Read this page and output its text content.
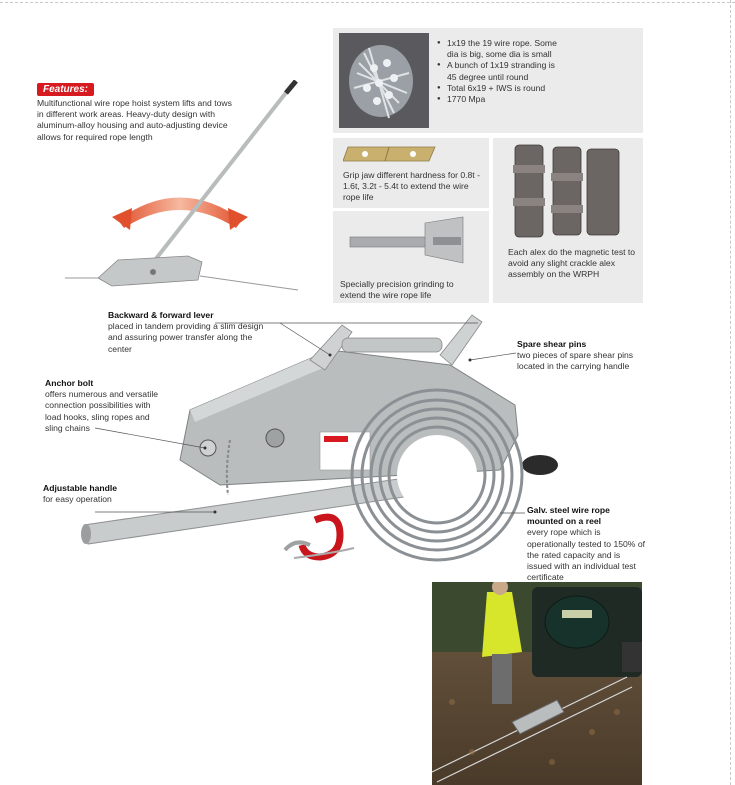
Features:
Multifunctional wire rope hoist system lifts and tows in different work areas. Heavy-duty design with aluminum-alloy housing and auto-adjusting device allows for required rope length
● 1x19 the 19 wire rope. Some dia is big, some dia is small
● A bunch of 1x19 stranding is 45 degree until round
● Total 6x19 + IWS is round
● 1770 Mpa
Grip jaw different hardness for 0.8t - 1.6t, 3.2t - 5.4t to extend the wire rope life
Specially precision grinding to extend the wire rope life
Each alex do the magnetic test to avoid any slight crackle alex assembly on the WRPH
Backward & forward lever
placed in tandem providing a slim design and assuring power transfer along the center	Spare shear pins
two pieces of spare shear pins located in the carrying handle
Anchor bolt
offers numerous and versatile connection possibilities with load hooks, sling ropes and sling chains
Adjustable handle
for easy operation
Galv. steel wire rope mounted on a reel
every rope which is operationally tested to 150% of the rated capacity and is issued with an individual test certificate
